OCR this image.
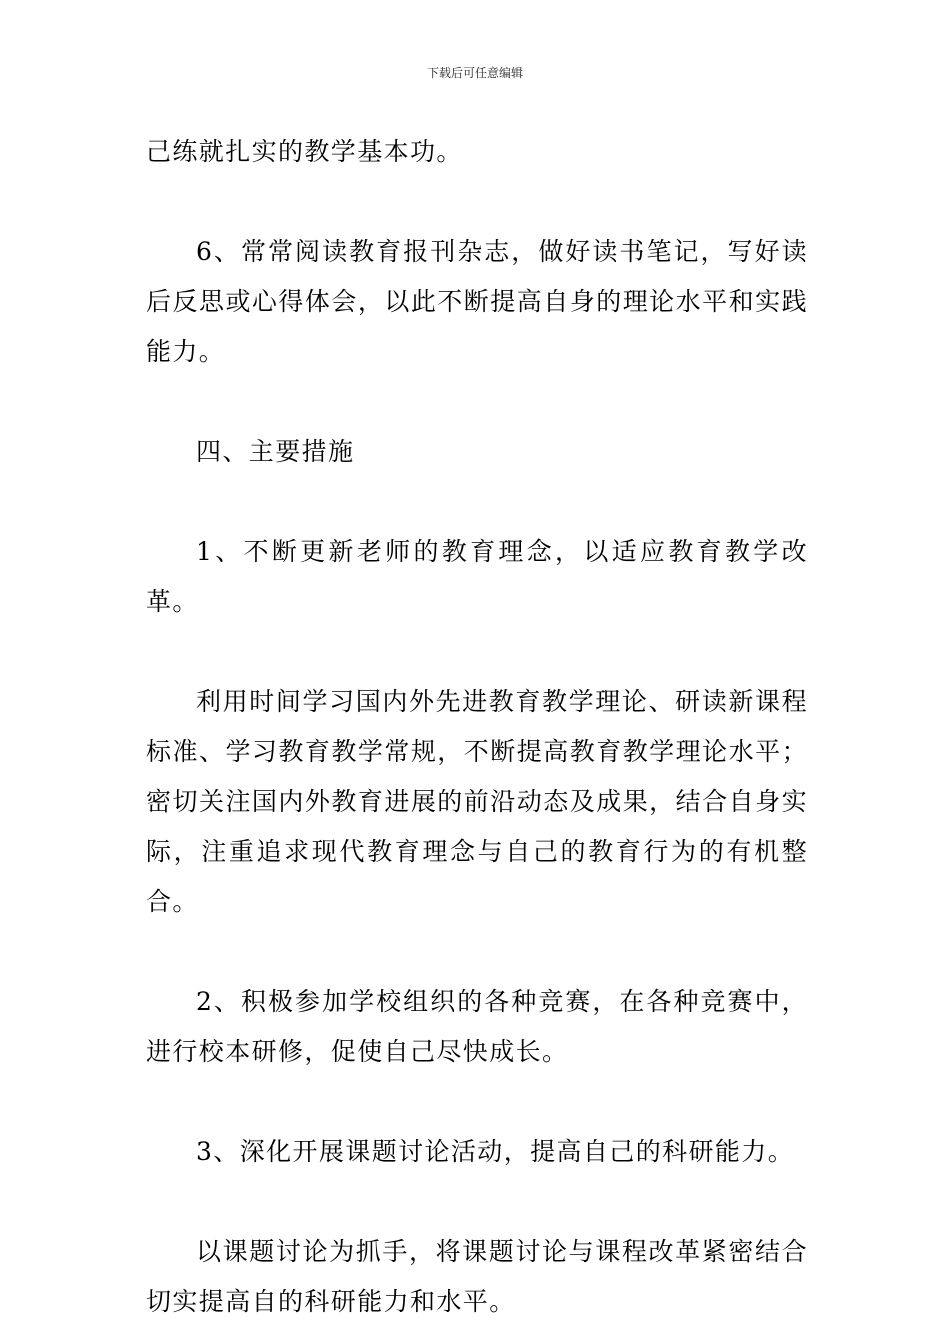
下载后可任意编辑

己练就扎实的教学基本功。

6、常常阅读教育报刊杂志，做好读书笔记，写好读后反思或心得体会，以此不断提高自身的理论水平和实践能力。

四、主要措施

1、不断更新老师的教育理念，以适应教育教学改革。

利用时间学习国内外先进教育教学理论、研读新课程标准、学习教育教学常规，不断提高教育教学理论水平；密切关注国内外教育进展的前沿动态及成果，结合自身实际，注重追求现代教育理念与自己的教育行为的有机整合。

2、积极参加学校组织的各种竞赛，在各种竞赛中，进行校本研修，促使自己尽快成长。

3、深化开展课题讨论活动，提高自己的科研能力。

以课题讨论为抓手，将课题讨论与课程改革紧密结合切实提高自的科研能力和水平。
